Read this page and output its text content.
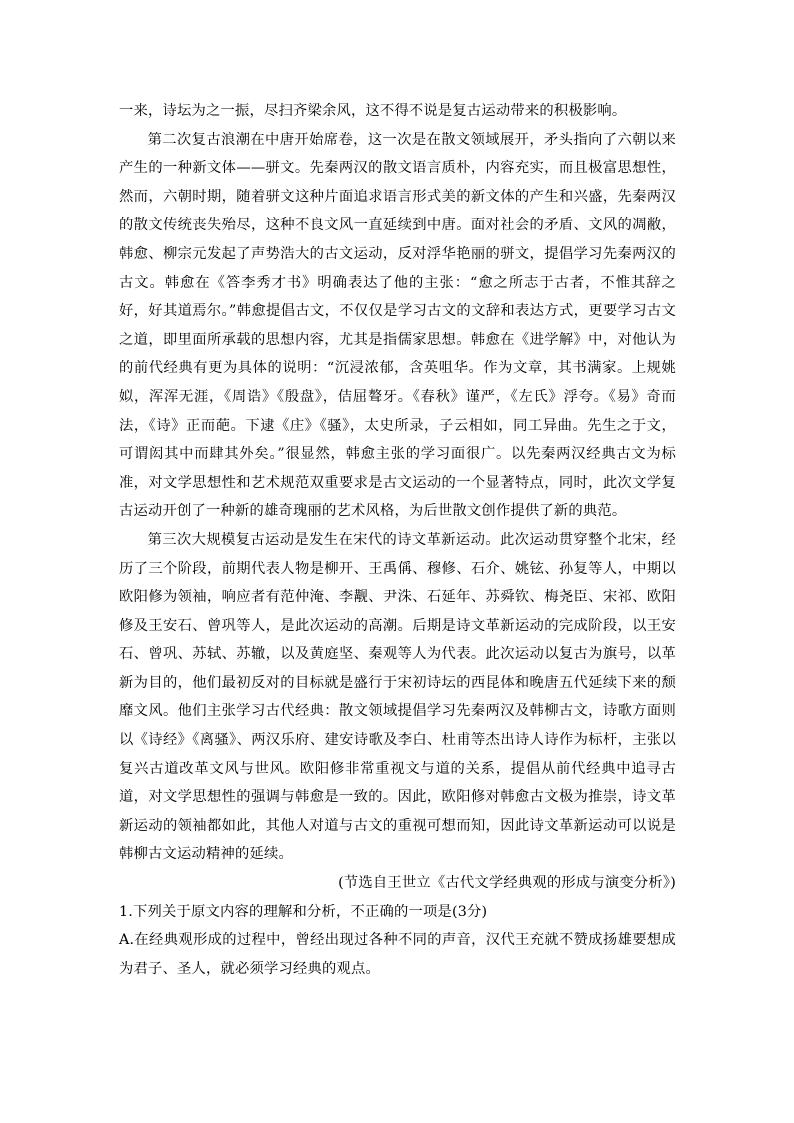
一来，诗坛为之一振，尽扫齐梁余风，这不得不说是复古运动带来的积极影响。

第二次复古浪潮在中唐开始席卷，这一次是在散文领域展开，矛头指向了六朝以来产生的一种新文体——骈文。先秦两汉的散文语言质朴，内容充实，而且极富思想性，然而，六朝时期，随着骈文这种片面追求语言形式美的新文体的产生和兴盛，先秦两汉的散文传统丧失殆尽，这种不良文风一直延续到中唐。面对社会的矛盾、文风的凋敝，韩愈、柳宗元发起了声势浩大的古文运动，反对浮华艳丽的骈文，提倡学习先秦两汉的古文。韩愈在《答李秀才书》明确表达了他的主张：“愈之所志于古者，不惟其辞之好，好其道焉尔。”韩愈提倡古文，不仅仅是学习古文的文辞和表达方式，更要学习古文之道，即里面所承载的思想内容，尤其是指儒家思想。韩愈在《进学解》中，对他认为的前代经典有更为具体的说明：“沉浸浓郁，含英咀华。作为文章，其书满家。上规姚姒，浑浑无涯，《周诰》《殷盘》，佶屈聱牙。《春秋》谨严，《左氏》浮夸。《易》奇而法，《诗》正而葩。下逮《庄》《骚》，太史所录，子云相如，同工异曲。先生之于文，可谓闳其中而肆其外矣。”很显然，韩愈主张的学习面很广。以先秦两汉经典古文为标准，对文学思想性和艺术规范双重要求是古文运动的一个显著特点，同时，此次文学复古运动开创了一种新的雄奇瑰丽的艺术风格，为后世散文创作提供了新的典范。

第三次大规模复古运动是发生在宋代的诗文革新运动。此次运动贯穿整个北宋，经历了三个阶段，前期代表人物是柳开、王禹偁、穆修、石介、姚铉、孙复等人，中期以欧阳修为领袖，响应者有范仲淹、李觏、尹洙、石延年、苏舜钦、梅尧臣、宋祁、欧阳修及王安石、曾巩等人，是此次运动的高潮。后期是诗文革新运动的完成阶段，以王安石、曾巩、苏轼、苏辙，以及黄庭坚、秦观等人为代表。此次运动以复古为旗号，以革新为目的，他们最初反对的目标就是盛行于宋初诗坛的西昆体和晚唐五代延续下来的颓靡文风。他们主张学习古代经典：散文领域提倡学习先秦两汉及韩柳古文，诗歌方面则以《诗经》《离骚》、两汉乐府、建安诗歌及李白、杜甫等杰出诗人诗作为标杆，主张以复兴古道改革文风与世风。欧阳修非常重视文与道的关系，提倡从前代经典中追寻古道，对文学思想性的强调与韩愈是一致的。因此，欧阳修对韩愈古文极为推崇，诗文革新运动的领袖都如此，其他人对道与古文的重视可想而知，因此诗文革新运动可以说是韩柳古文运动精神的延续。

(节选自王世立《古代文学经典观的形成与演变分析》)

1.下列关于原文内容的理解和分析，不正确的一项是(3分)

A.在经典观形成的过程中，曾经出现过各种不同的声音，汉代王充就不赞成扬雄要想成为君子、圣人，就必须学习经典的观点。
